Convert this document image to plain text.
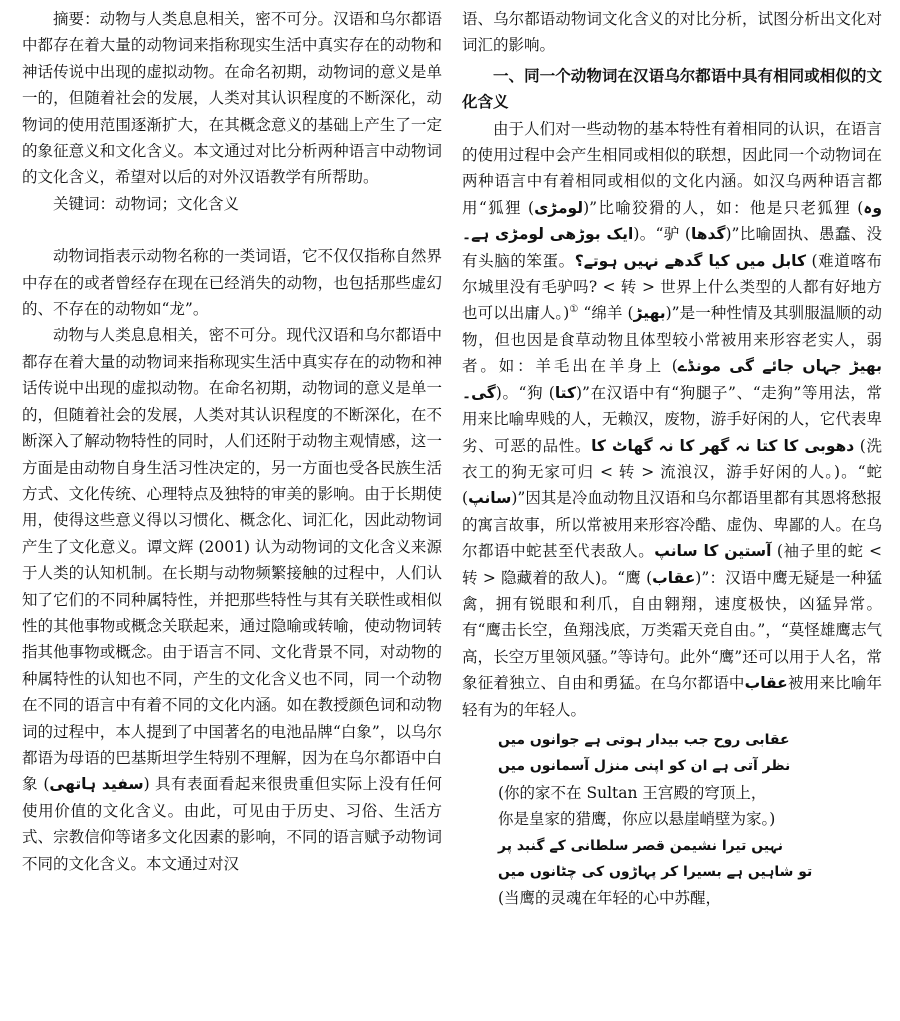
摘要：动物与人类息息相关，密不可分。汉语和乌尔都语中都存在着大量的动物词来指称现实生活中真实存在的动物和神话传说中出现的虚拟动物。在命名初期，动物词的意义是单一的，但随着社会的发展，人类对其认识程度的不断深化，动物词的使用范围逐渐扩大，在其概念意义的基础上产生了一定的象征意义和文化含义。本文通过对比分析两种语言中动物词的文化含义，希望对以后的对外汉语教学有所帮助。

关键词：动物词；文化含义

动物词指表示动物名称的一类词语，它不仅仅指称自然界中存在的或者曾经存在现在已经消失的动物，也包括那些虚幻的、不存在的动物如“龙”。

动物与人类息息相关，密不可分。现代汉语和乌尔都语中都存在着大量的动物词来指称现实生活中真实存在的动物和神话传说中出现的虚拟动物。在命名初期，动物词的意义是单一的，但随着社会的发展，人类对其认识程度的不断深化，在不断深入了解动物特性的同时，人们还附于动物主观情感，这一方面是由动物自身生活习性决定的，另一方面也受各民族生活方式、文化传统、心理特点及独特的审美的影响。由于长期使用，使得这些意义得以习惯化、概念化、词汇化，因此动物词产生了文化意义。谭文辉 (2001) 认为动物词的文化含义来源于人类的认知机制。在长期与动物频繁接触的过程中，人们认知了它们的不同种属特性，并把那些特性与其有关联性或相似性的其他事物或概念关联起来，通过隐喻或转喻，使动物词转指其他事物或概念。由于语言不同、文化背景不同，对动物的种属特性的认知也不同，产生的文化含义也不同，同一个动物在不同的语言中有着不同的文化内涵。如在教授颜色词和动物词的过程中，本人提到了中国著名的电池品牌“白象”，以乌尔都语为母语的巴基斯坦学生特别不理解，因为在乌尔都语中白象 (سفید ہاتھی) 具有表面看起来很贵重但实际上没有任何使用价值的文化含义。由此，可见由于历史、习俗、生活方式、宗教信仰等诸多文化因素的影响，不同的语言赋予动物词不同的文化含义。本文通过对汉

语、乌尔都语动物词文化含义的对比分析，试图分析出文化对词汇的影响。

一、同一个动物词在汉语乌尔都语中具有相同或相似的文化含义

由于人们对一些动物的基本特性有着相同的认识，在语言的使用过程中会产生相同或相似的联想，因此同一个动物词在两种语言中有着相同或相似的文化内涵。如汉乌两种语言都用“狐狸 (لومڑی)”比喻狡猾的人，如：他是只老狐狸 (وہ ایک بوڑھی لومڑی ہے۔)。“驴 (گدھا)”比喻固执、愚蠢、没有头脑的笨蛋。کابل میں کیا گدھے نہیں ہوتے؟ (难道喀布尔城里没有毛驴吗? < 转 > 世界上什么类型的人都有好地方也可以出庸人。)① “绵羊 (بھیڑ)”是一种性情及其驯服温顺的动物，但也因是食草动物且体型较小常被用来形容老实人，弱者。如：羊毛出在羊身上 (بھیڑ جہاں جائے گی مونڈے گی۔)。“狗 (کتا)”在汉语中有“狗腿子”、“走狗”等用法，常用来比喻卑贱的人，无赖汉，废物，游手好闲的人，它代表卑劣、可恶的品性。دھوبی کا کتا نہ گھر کا نہ گھاٹ کا (洗衣工的狗无家可归 < 转 > 流浪汉，游手好闲的人。)。“蛇 (سانپ)”因其是冷血动物且汉语和乌尔都语里都有其恩将愁报的寓言故事，所以常被用来形容冷酷、虚伪、卑鄙的人。在乌尔都语中蛇甚至代表敌人。آستین کا سانپ (袖子里的蛇 < 转 > 隐藏着的敌人)。“鹰 (عقاب)”：汉语中鹰无疑是一种猛禽，拥有锐眼和利爪，自由翱翔，速度极快，凶猛异常。有“鹰击长空，鱼翔浅底，万类霜天竞自由。”，“莫怪雄鹰志气高，长空万里领风骚。”等诗句。此外“鹰”还可以用于人名，常象征着独立、自由和勇猛。在乌尔都语中عقاب被用来比喻年轻有为的年轻人。

عقابی روح جب بیدار ہوتی ہے جوانوں میں
نظر آتی ہے ان کو اپنی منزل آسمانوں میں

(你的家不在 Sultan 王宫殿的穹顶上，

你是皇家的猎鹰，你应以悬崖峭壁为家。)

نہیں تیرا نشیمن قصر سلطانی کے گنبد پر
تو شاہیں ہے بسیرا کر پہاڑوں کی چٹانوں میں

(当鹰的灵魂在年轻的心中苏醒，
